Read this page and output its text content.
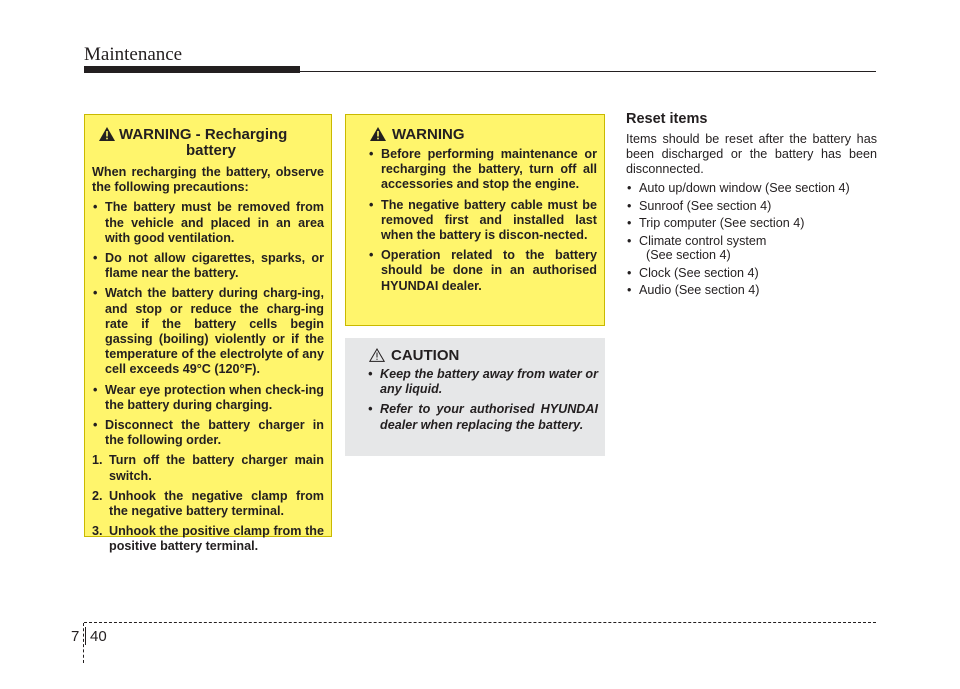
Maintenance
WARNING - Recharging
battery

When recharging the battery, observe the following precautions:

• The battery must be removed from the vehicle and placed in an area with good ventilation.
• Do not allow cigarettes, sparks, or flame near the battery.
• Watch the battery during charg-ing, and stop or reduce the charg-ing rate if the battery cells begin gassing (boiling) violently or if the temperature of the electrolyte of any cell exceeds 49°C (120°F).
• Wear eye protection when check-ing the battery during charging.
• Disconnect the battery charger in the following order.
1. Turn off the battery charger main switch.
2. Unhook the negative clamp from the negative battery terminal.
3. Unhook the positive clamp from the positive battery terminal.
WARNING
• Before performing maintenance or recharging the battery, turn off all accessories and stop the engine.
• The negative battery cable must be removed first and installed last when the battery is discon-nected.
• Operation related to the battery should be done in an authorised HYUNDAI dealer.
CAUTION
• Keep the battery away from water or any liquid.
• Refer to your authorised HYUNDAI dealer when replacing the battery.
Reset items

Items should be reset after the battery has been discharged or the battery has been disconnected.

• Auto up/down window (See section 4)
• Sunroof (See section 4)
• Trip computer (See section 4)
• Climate control system
(See section 4)
• Clock (See section 4)
• Audio (See section 4)
7 40
